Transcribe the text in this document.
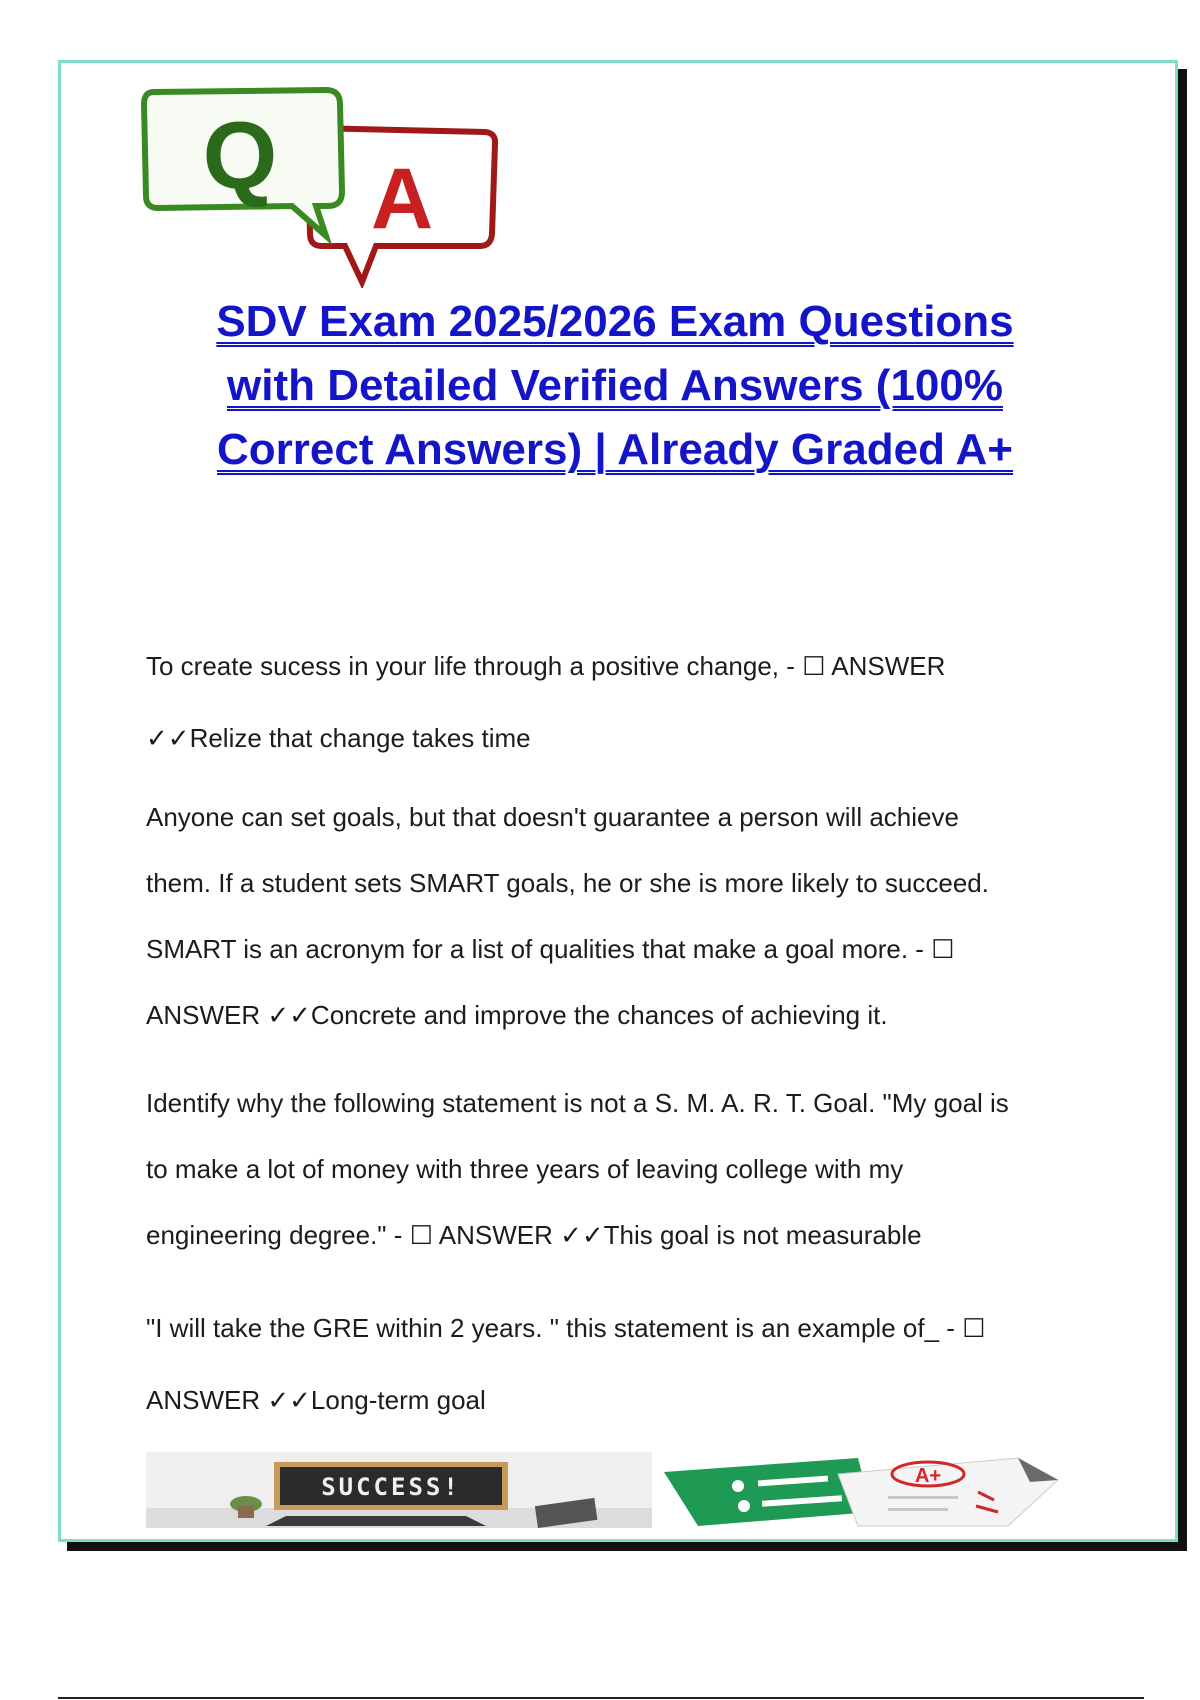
A
Q
SDV Exam 2025/2026 Exam Questions
with Detailed Verified Answers (100%
Correct Answers) | Already Graded A+
To create sucess in your life through a positive change, - ☐ ANSWER
✓✓Relize that change takes time
Anyone can set goals, but that doesn't guarantee a person will achieve
them. If a student sets SMART goals, he or she is more likely to succeed.
SMART is an acronym for a list of qualities that make a goal more. - ☐
ANSWER ✓✓Concrete and improve the chances of achieving it.
Identify why the following statement is not a S. M. A. R. T. Goal. "My goal is
to make a lot of money with three years of leaving college with my
engineering degree." - ☐ ANSWER ✓✓This goal is not measurable
"I will take the GRE within 2 years. " this statement is an example of_ - ☐
ANSWER ✓✓Long-term goal
SUCCESS!	A+
